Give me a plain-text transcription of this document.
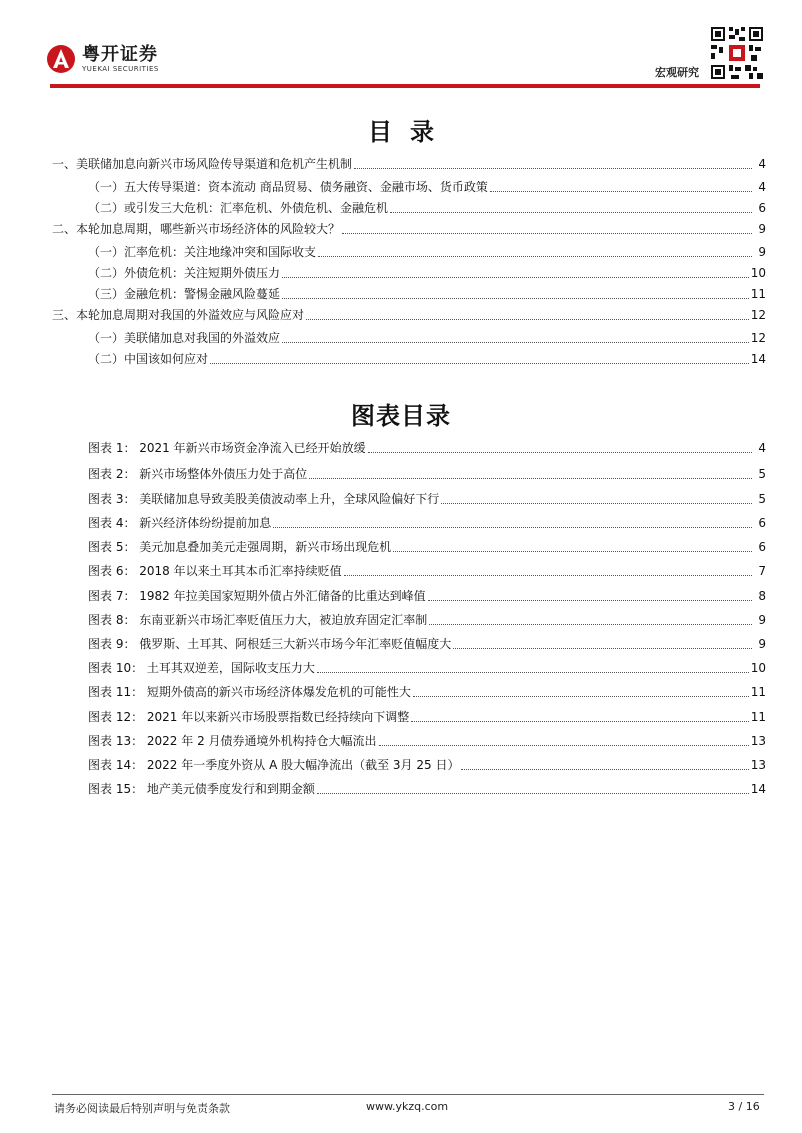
粤开证券
YUEKAI SECURITIES	宏观研究
目录
一、美联储加息向新兴市场风险传导渠道和危机产生机制	4
（一）五大传导渠道：资本流动 商品贸易、债务融资、金融市场、货币政策	4
（二）或引发三大危机：汇率危机、外债危机、金融危机	6
二、本轮加息周期，哪些新兴市场经济体的风险较大？	9
（一）汇率危机：关注地缘冲突和国际收支	9
（二）外债危机：关注短期外债压力	10
（三）金融危机：警惕金融风险蔓延	11
三、本轮加息周期对我国的外溢效应与风险应对	12
（一）美联储加息对我国的外溢效应	12
（二）中国该如何应对	14
图表目录
图表 1： 2021 年新兴市场资金净流入已经开始放缓	4
图表 2： 新兴市场整体外债压力处于高位	5
图表 3： 美联储加息导致美股美债波动率上升，全球风险偏好下行	5
图表 4： 新兴经济体纷纷提前加息	6
图表 5： 美元加息叠加美元走强周期，新兴市场出现危机	6
图表 6： 2018 年以来土耳其本币汇率持续贬值	7
图表 7： 1982 年拉美国家短期外债占外汇储备的比重达到峰值	8
图表 8： 东南亚新兴市场汇率贬值压力大，被迫放弃固定汇率制	9
图表 9： 俄罗斯、土耳其、阿根廷三大新兴市场今年汇率贬值幅度大	9
图表 10： 土耳其双逆差，国际收支压力大	10
图表 11： 短期外债高的新兴市场经济体爆发危机的可能性大	11
图表 12： 2021 年以来新兴市场股票指数已经持续向下调整	11
图表 13： 2022 年 2 月债券通境外机构持仓大幅流出	13
图表 14： 2022 年一季度外资从 A 股大幅净流出（截至 3月 25 日）	13
图表 15： 地产美元债季度发行和到期金额	14
请务必阅读最后特别声明与免责条款	www.ykzq.com	3 / 16
